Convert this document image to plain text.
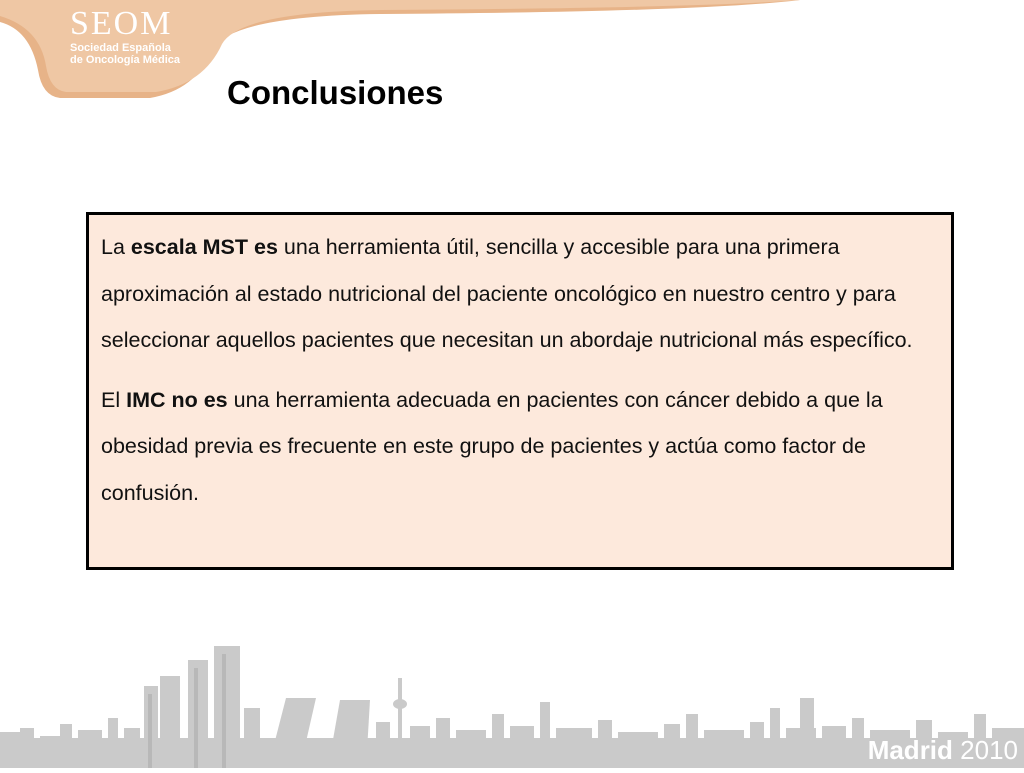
SEOM
Sociedad Española
de Oncología Médica
Conclusiones

La escala MST es una herramienta útil, sencilla y accesible para una primera aproximación al estado nutricional del paciente oncológico en nuestro centro y para seleccionar aquellos pacientes que necesitan un abordaje nutricional más específico.

El IMC no es una herramienta adecuada en pacientes con cáncer debido a que la obesidad previa es frecuente en este grupo de pacientes y actúa como factor de confusión.

Madrid 2010
